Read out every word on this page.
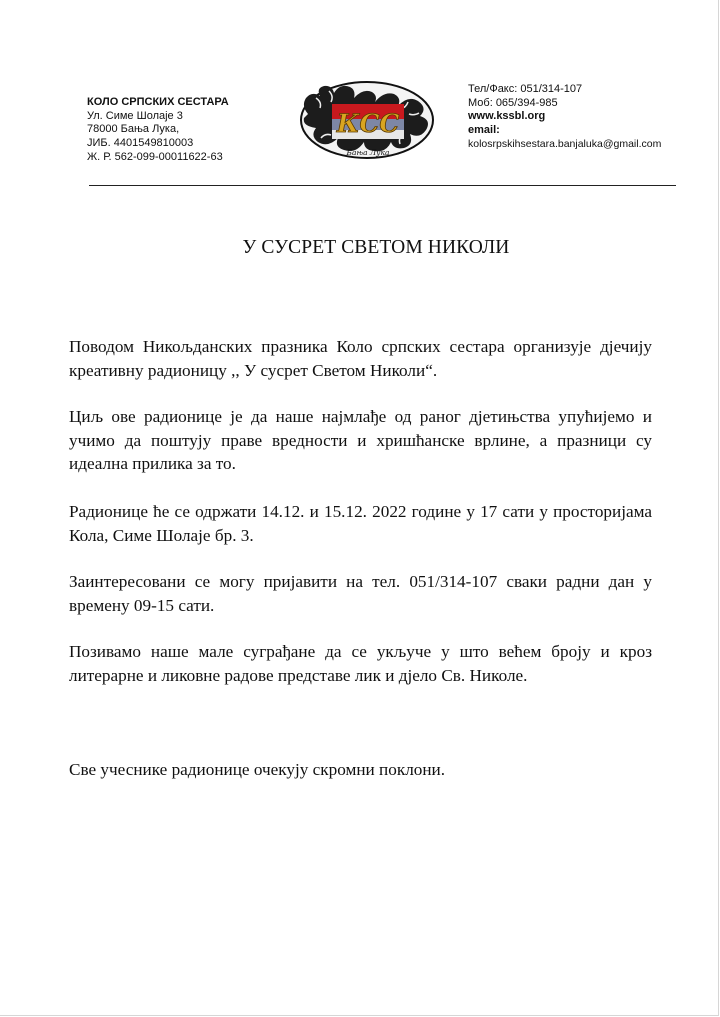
КОЛО СРПСКИХ СЕСТАРА
Ул. Симе Шолаје 3
78000 Бања Лука,
ЈИБ. 4401549810003
Ж. Р. 562-099-00011622-63
КСС
Бања Лука
Тел/Факс: 051/314-107
Моб: 065/394-985
www.kssbl.org
email:
kolosrpskihsestara.banjaluka@gmail.com
У СУСРЕТ СВЕТОМ НИКОЛИ

Поводом Никољданских празника Коло српских сестара организује дјечију креативну радионицу ,, У сусрет Светом Николи“.

Циљ ове радионице је да наше најмлађе од раног дјетињства упућијемо и учимо да поштују праве вредности и хришћанске врлине, а празници су идеална прилика за то.

Радионице ће се одржати 14.12. и 15.12. 2022 године у 17 сати у просторијама Кола, Симе Шолаје бр. 3.

Заинтересовани се могу пријавити на тел. 051/314-107 сваки радни дан у времену 09-15 сати.

Позивамо наше мале суграђане да се укључе у што већем броју и кроз литерарне и ликовне радове представе лик и дјело Св. Николе.

Све учеснике радионице очекују скромни поклони.
